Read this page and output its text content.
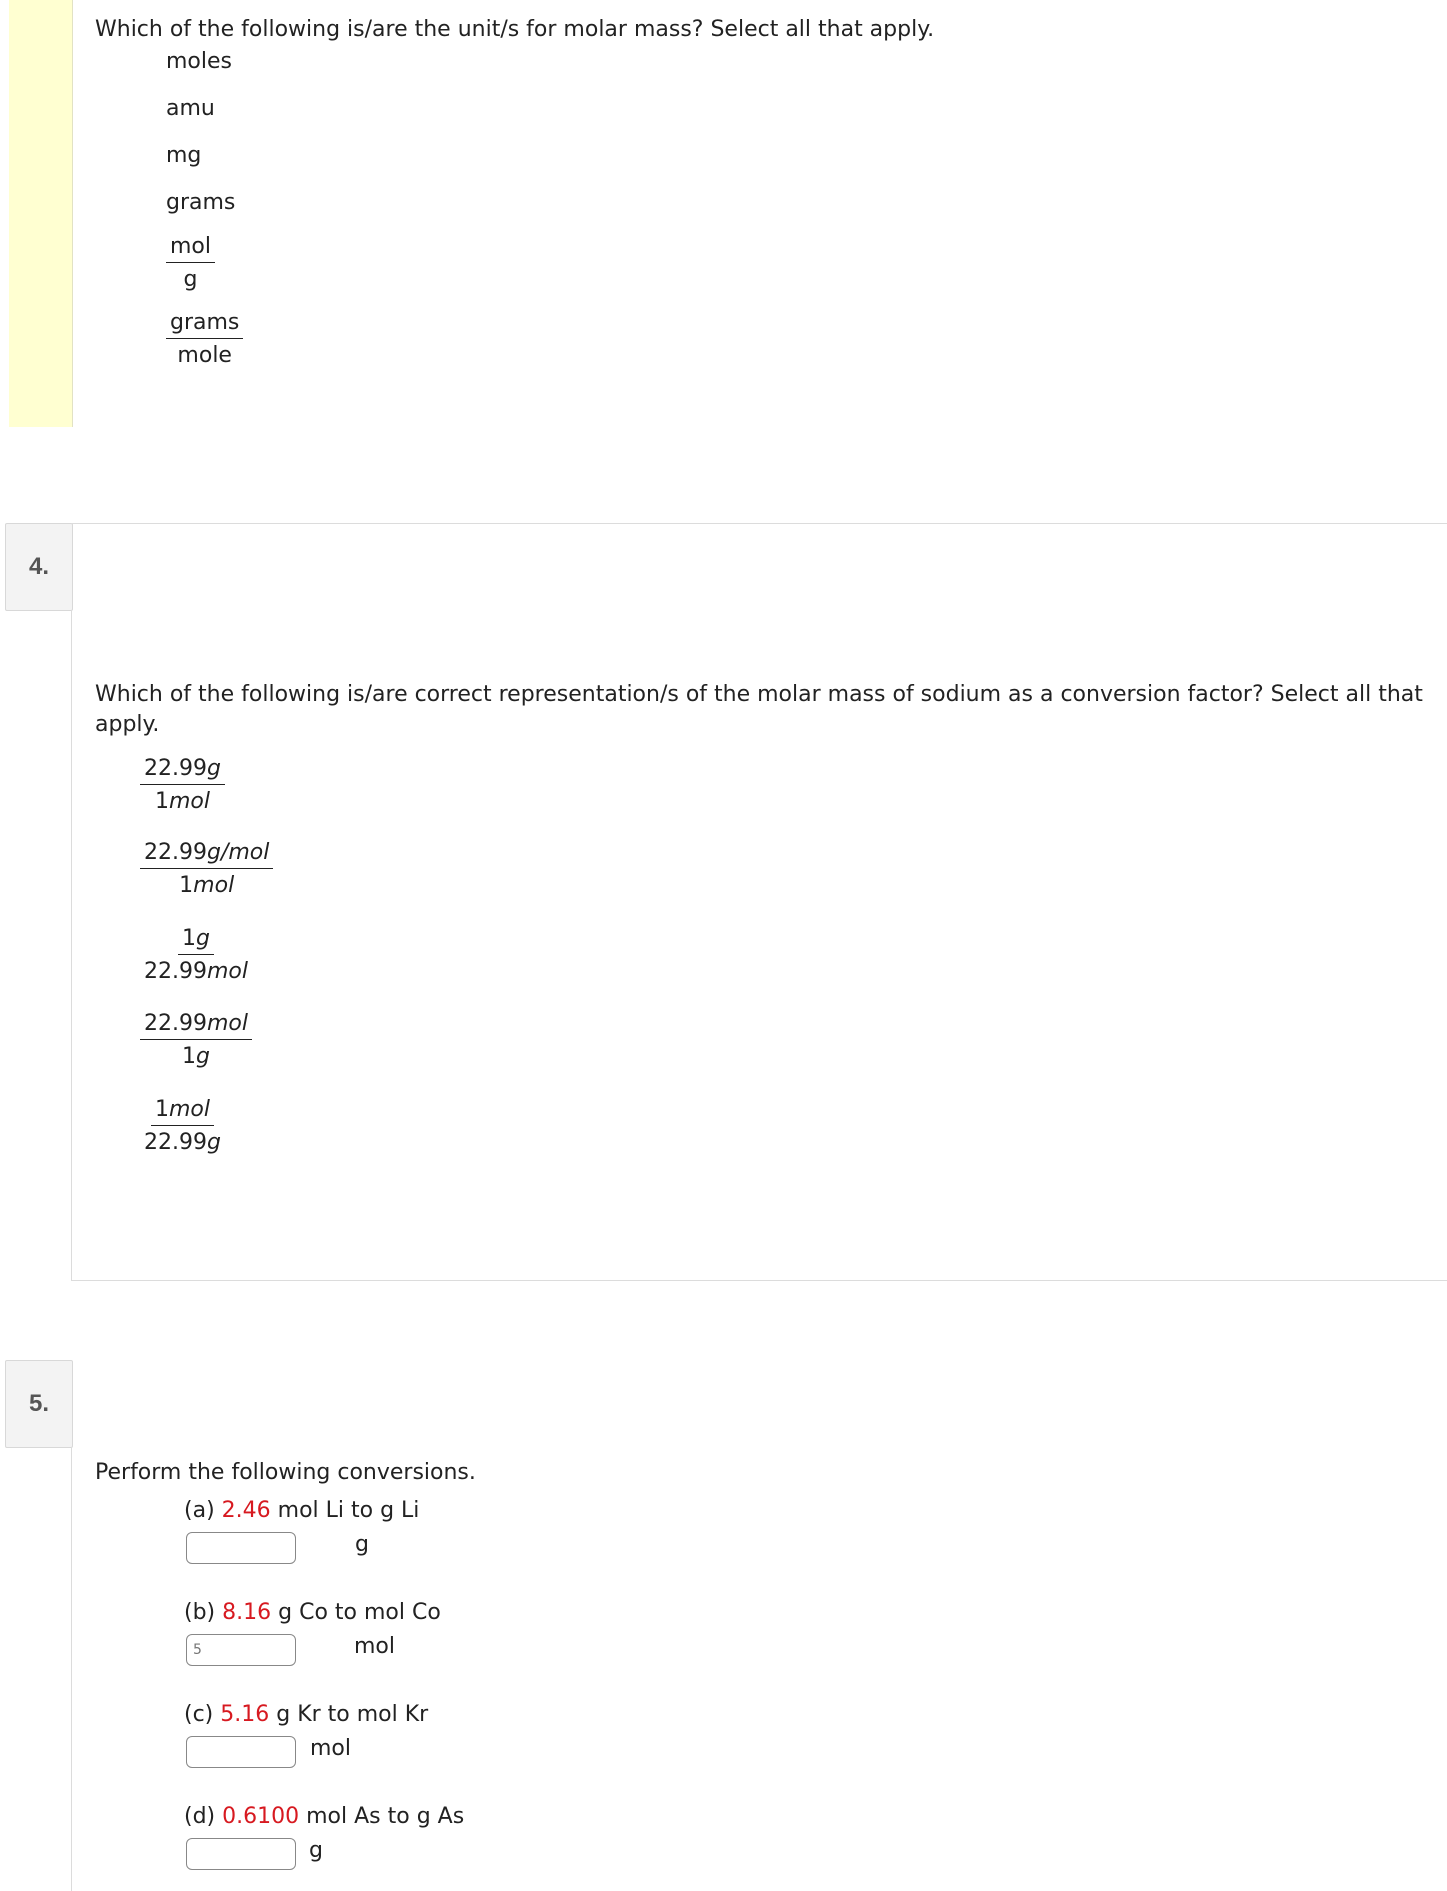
Which of the following is/are the unit/s for molar mass? Select all that apply.
moles
amu
mg
grams
$\frac{\text{mol}}{g}$
$\frac{\text{grams}}{\text{mole}}$
4.
Which of the following is/are correct representation/s of the molar mass of sodium as a conversion factor? Select all that apply.
$\frac{22.99g}{\text{1mol}}$
$\frac{\text{22.99g/mol}}{\text{1mol}}$
$\frac{1g}{\text{22.99mol}}$
$\frac{\text{22.99mol}}{1g}$
$\frac{\text{1mol}}{22.99g}$
5.
Perform the following conversions.
(a) 2.46 mol Li to g Li
g
(b) 8.16 g Co to mol Co
5
mol
(c) 5.16 g Kr to mol Kr
mol
(d) 0.6100 mol As to g As
g
